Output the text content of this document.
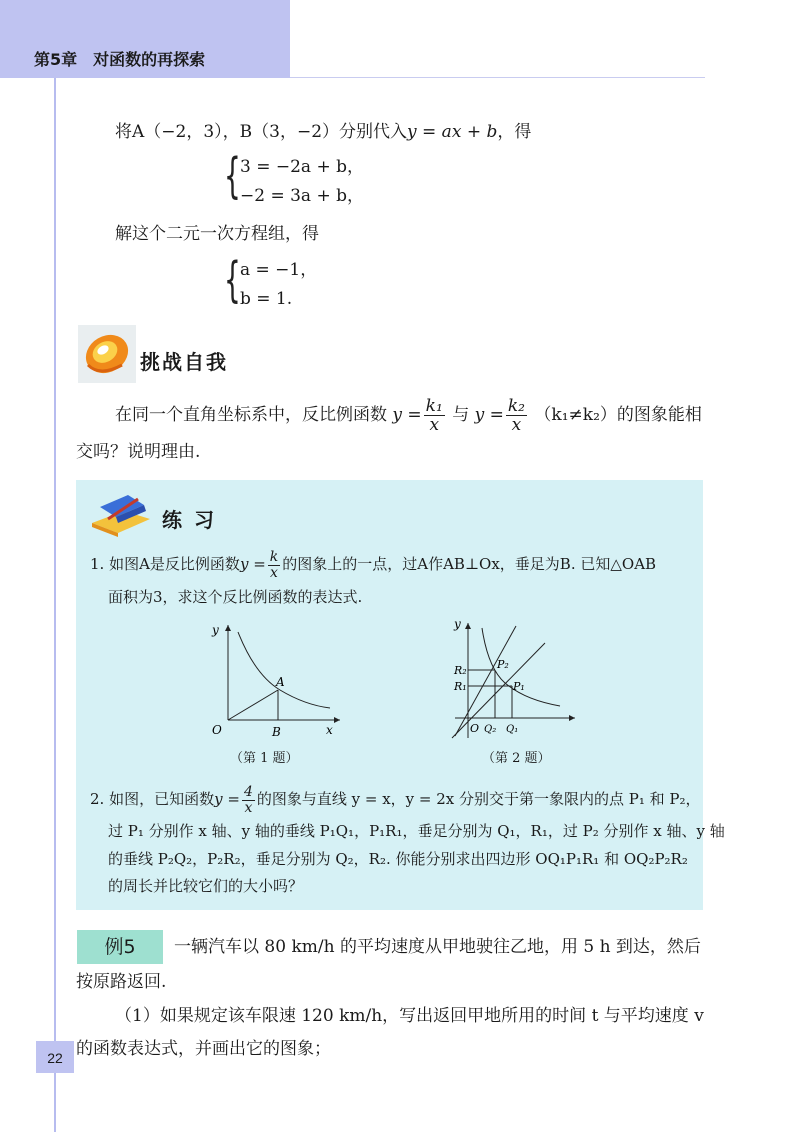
第5章　对函数的再探索
将A（−2，3），B（3，−2）分别代入y = ax + b，得
{ 3 = −2a + b，
−2 = 3a + b，
解这个二元一次方程组，得
{ a = −1，
b = 1.
挑战自我
在同一个直角坐标系中，反比例函数 $y = \frac{\text{k₁}}{x}$ 与 $y = \frac{\text{k₂}}{x} (k_1\ne k_2)$的图象能相
交吗？说明理由.
练习
1. 如图A是反比例函数$y = \frac{k}{x}$ 的图象上的一点，过A作AB⊥Ox，垂足为B. 已知△OAB
面积为3，求这个反比例函数的表达式.
y
x
O
A
B
（第 1 题）
y
R₂
R₁
P₂
P₁
O Q₂ Q₁
（第 2 题）
2. 如图，已知函数$y = \frac{4}{x}$ 的图象与直线 y = x，y = 2x 分别交于第一象限内的点 P₁ 和 P₂，
过 P₁ 分别作 x 轴、y 轴的垂线 P₁Q₁，P₁R₁，垂足分别为 Q₁，R₁，过 P₂ 分别作 x 轴、y 轴
的垂线 P₂Q₂，P₂R₂，垂足分别为 Q₂，R₂. 你能分别求出四边形 OQ₁P₁R₁ 和 OQ₂P₂R₂
的周长并比较它们的大小吗？
例5	一辆汽车以 80 km/h 的平均速度从甲地驶往乙地，用 5 h 到达，然后
按原路返回.
（1）如果规定该车限速 120 km/h，写出返回甲地所用的时间 t 与平均速度 v
的函数表达式，并画出它的图象；
22
